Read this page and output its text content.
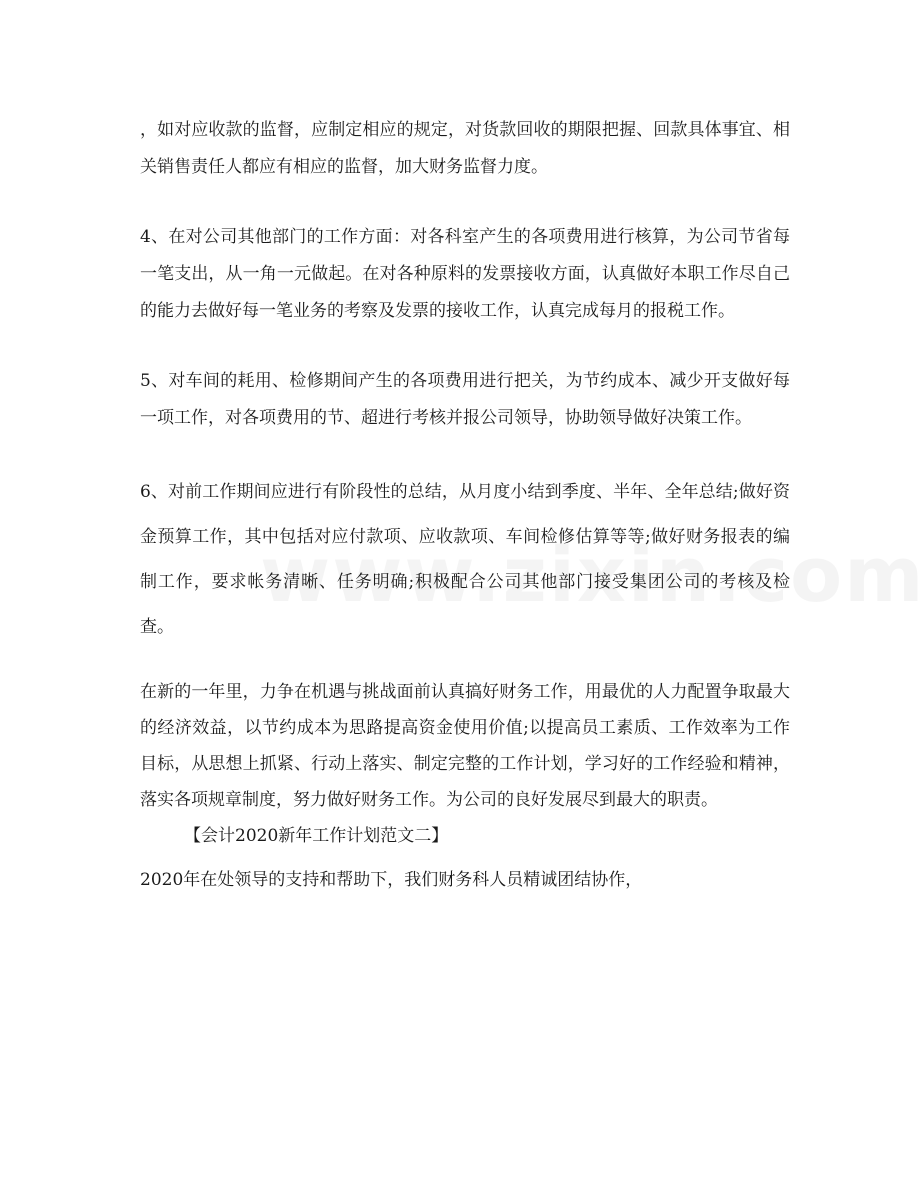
，如对应收款的监督，应制定相应的规定，对货款回收的期限把握、回款具体事宜、相关销售责任人都应有相应的监督，加大财务监督力度。

4、在对公司其他部门的工作方面：对各科室产生的各项费用进行核算，为公司节省每一笔支出，从一角一元做起。在对各种原料的发票接收方面，认真做好本职工作尽自己的能力去做好每一笔业务的考察及发票的接收工作，认真完成每月的报税工作。

5、对车间的耗用、检修期间产生的各项费用进行把关，为节约成本、减少开支做好每一项工作，对各项费用的节、超进行考核并报公司领导，协助领导做好决策工作。

6、对前工作期间应进行有阶段性的总结，从月度小结到季度、半年、全年总结;做好资金预算工作，其中包括对应付款项、应收款项、车间检修估算等等;做好财务报表的编制工作，要求帐务清晰、任务明确;积极配合公司其他部门接受集团公司的考核及检查。

在新的一年里，力争在机遇与挑战面前认真搞好财务工作，用最优的人力配置争取最大的经济效益，以节约成本为思路提高资金使用价值;以提高员工素质、工作效率为工作目标，从思想上抓紧、行动上落实、制定完整的工作计划，学习好的工作经验和精神，落实各项规章制度，努力做好财务工作。为公司的良好发展尽到最大的职责。

【会计2020新年工作计划范文二】

2020年在处领导的支持和帮助下，我们财务科人员精诚团结协作，
